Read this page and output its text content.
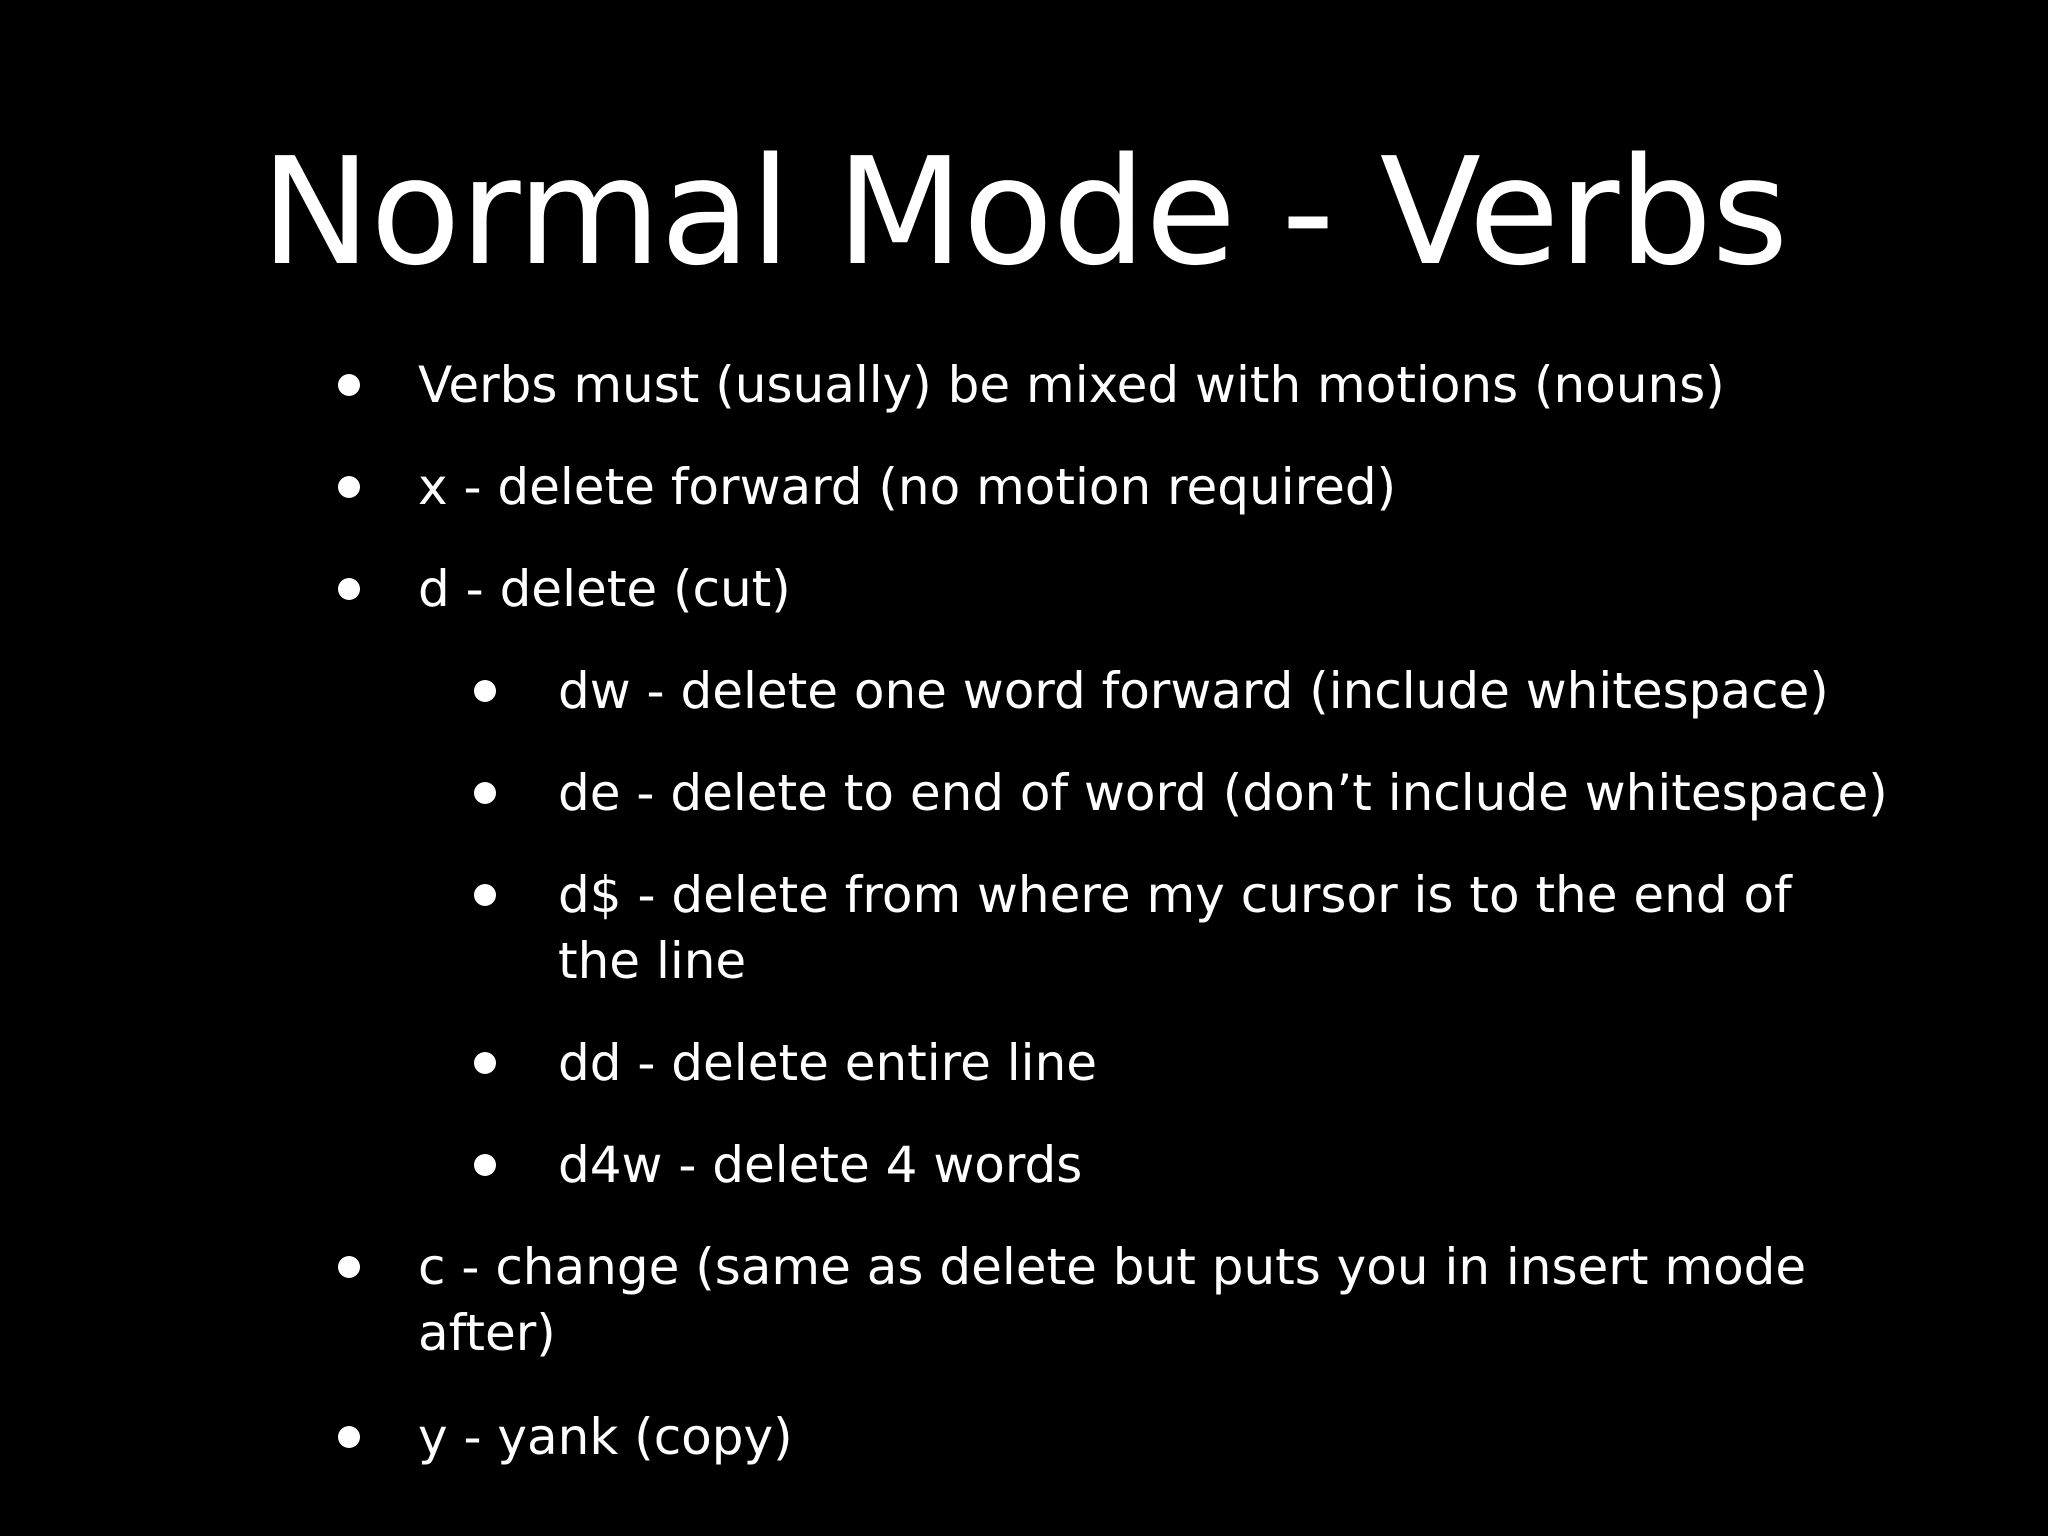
Normal Mode - Verbs
Verbs must (usually) be mixed with motions (nouns)
x - delete forward (no motion required)
d - delete (cut)
dw - delete one word forward (include whitespace)
de - delete to end of word (don’t include whitespace)
d$ - delete from where my cursor is to the end of
the line
dd - delete entire line
d4w - delete 4 words
c - change (same as delete but puts you in insert mode
after)
y - yank (copy)
